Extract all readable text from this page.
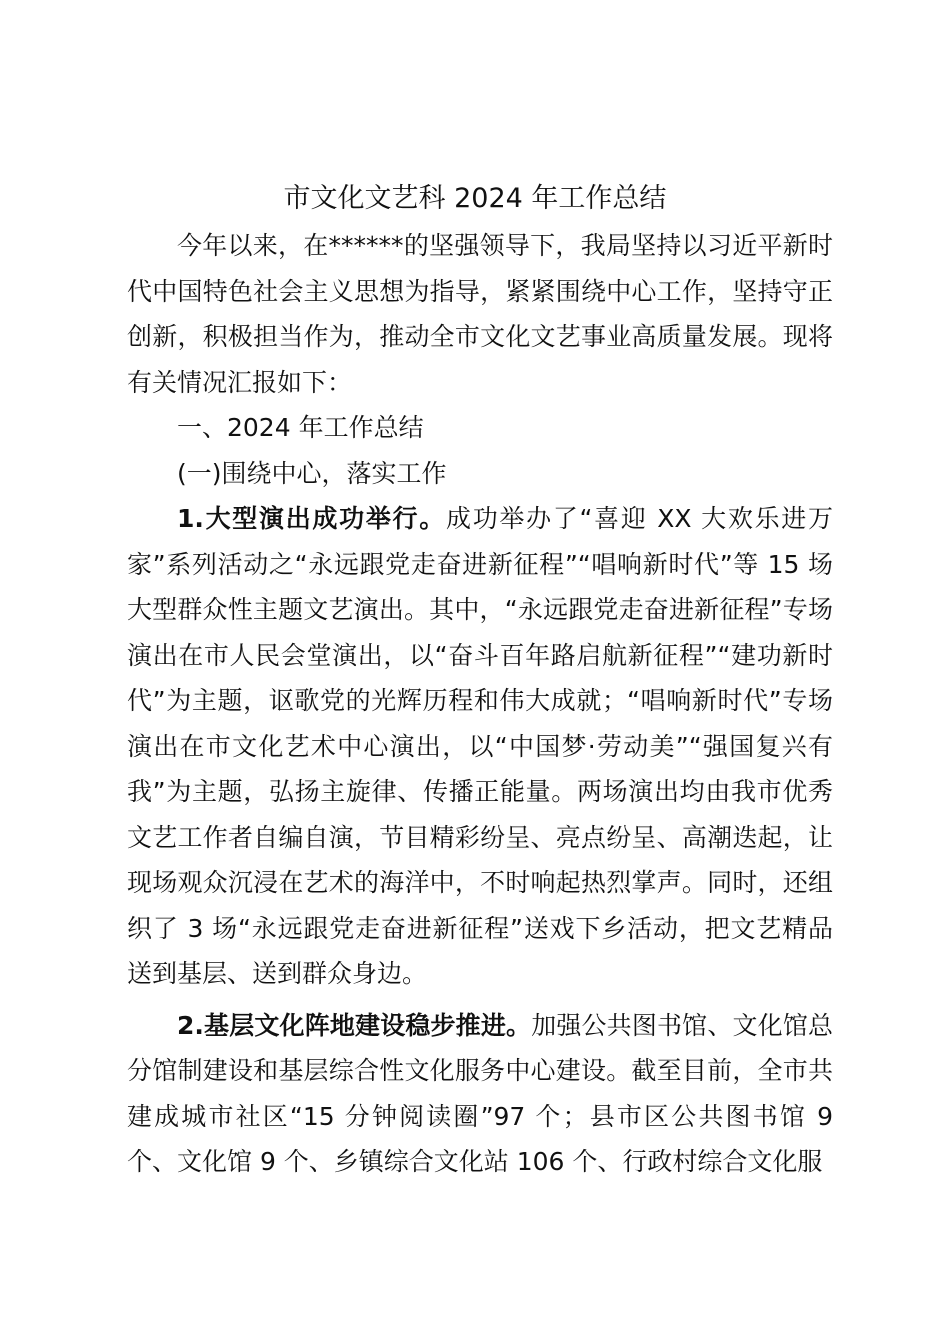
市文化文艺科 2024 年工作总结

今年以来，在******的坚强领导下，我局坚持以习近平新时代中国特色社会主义思想为指导，紧紧围绕中心工作，坚持守正创新，积极担当作为，推动全市文化文艺事业高质量发展。现将有关情况汇报如下：

一、2024 年工作总结

(一)围绕中心，落实工作

1.大型演出成功举行。成功举办了“喜迎 XX 大欢乐进万家”系列活动之“永远跟党走奋进新征程”“唱响新时代”等 15 场大型群众性主题文艺演出。其中，“永远跟党走奋进新征程”专场演出在市人民会堂演出，以“奋斗百年路启航新征程”“建功新时代”为主题，讴歌党的光辉历程和伟大成就；“唱响新时代”专场演出在市文化艺术中心演出，以“中国梦·劳动美”“强国复兴有我”为主题，弘扬主旋律、传播正能量。两场演出均由我市优秀文艺工作者自编自演，节目精彩纷呈、亮点纷呈、高潮迭起，让现场观众沉浸在艺术的海洋中，不时响起热烈掌声。同时，还组织了 3 场“永远跟党走奋进新征程”送戏下乡活动，把文艺精品送到基层、送到群众身边。

2.基层文化阵地建设稳步推进。加强公共图书馆、文化馆总分馆制建设和基层综合性文化服务中心建设。截至目前，全市共建成城市社区“15 分钟阅读圈”97 个；县市区公共图书馆 9 个、文化馆 9 个、乡镇综合文化站 106 个、行政村综合文化服
